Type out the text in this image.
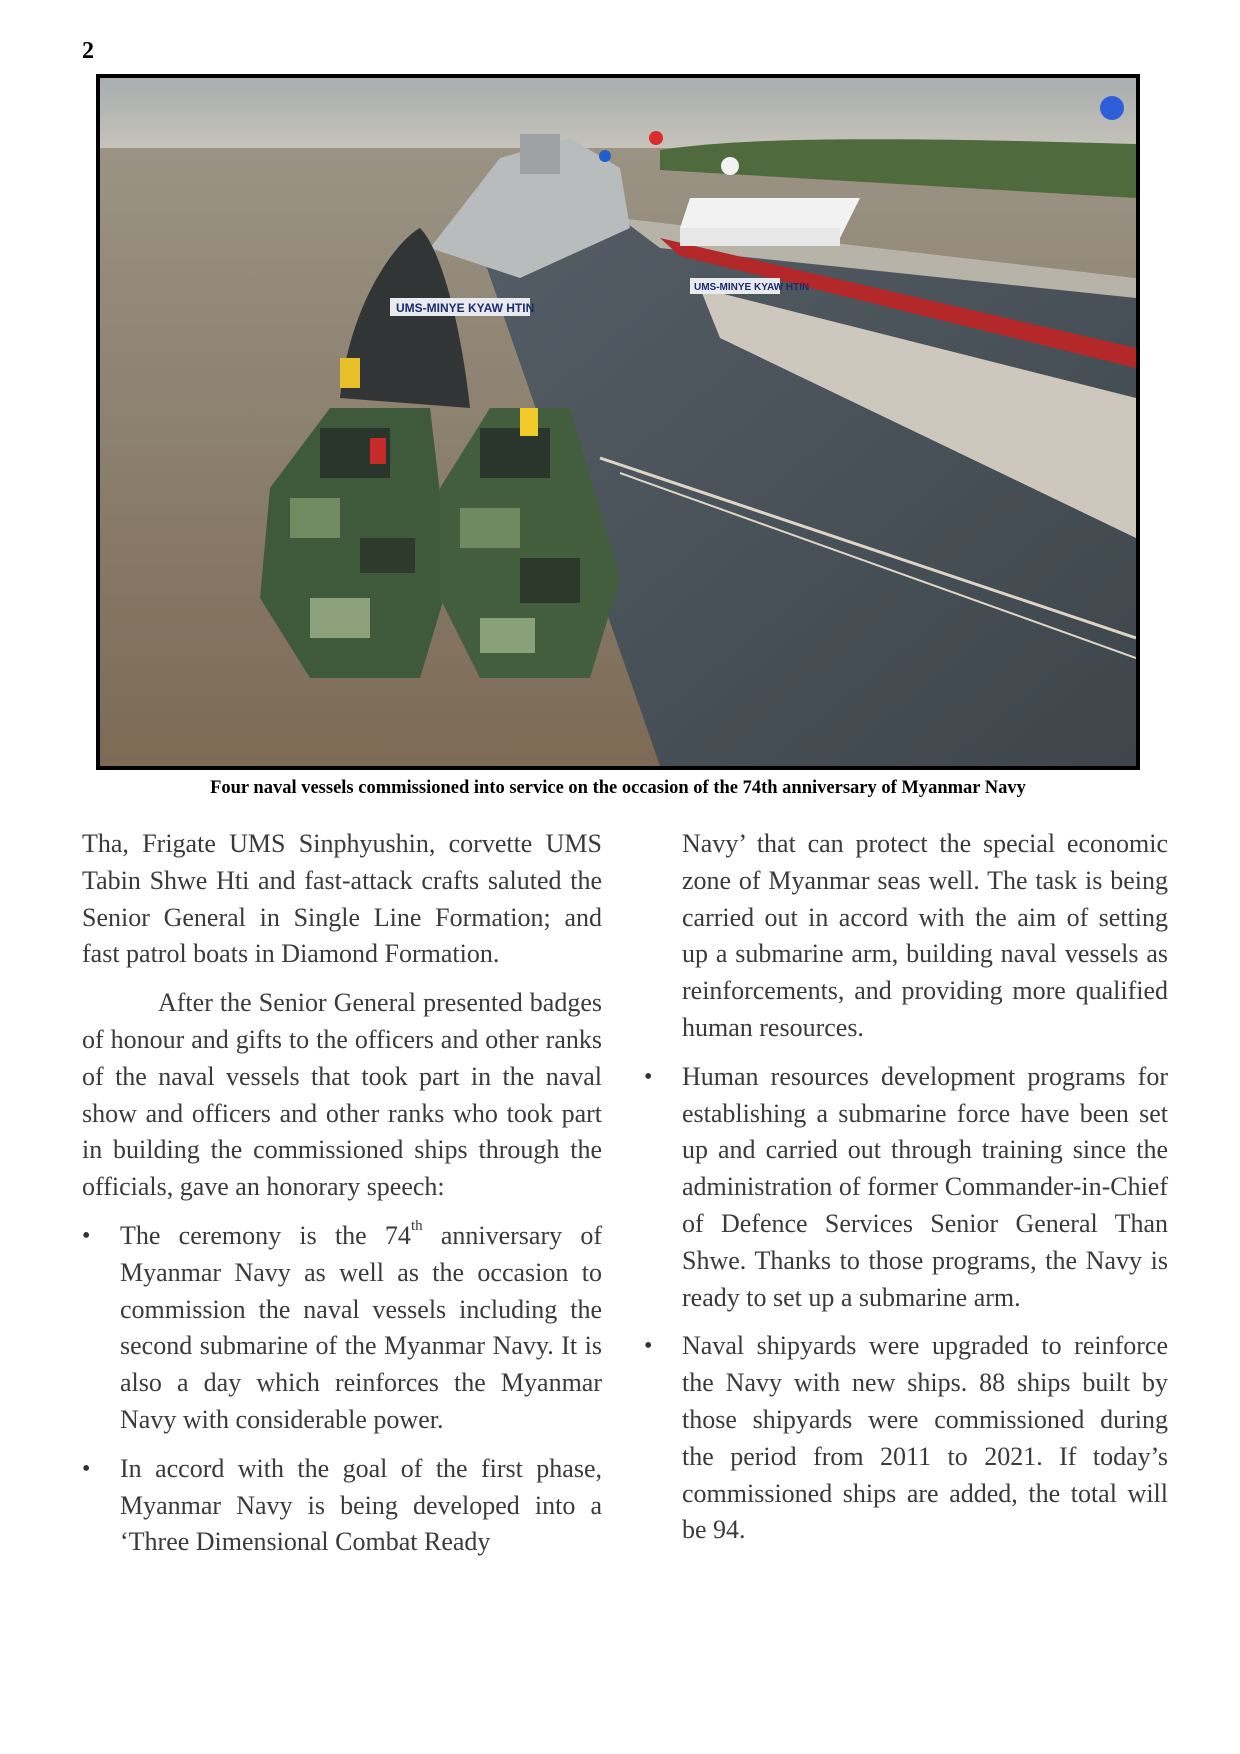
2
UMS-MINYE KYAW HTIN
UMS-MINYE KYAW HTIN
Four naval vessels commissioned into service on the occasion of the 74th anniversary of Myanmar Navy

Tha, Frigate UMS Sinphyushin, corvette UMS Tabin Shwe Hti and fast-attack crafts saluted the Senior General in Single Line Formation; and fast patrol boats in Diamond Formation.

After the Senior General presented badges of honour and gifts to the officers and other ranks of the naval vessels that took part in the naval show and officers and other ranks who took part in building the commissioned ships through the officials, gave an honorary speech:

• The ceremony is the 74th anniversary of Myanmar Navy as well as the occasion to commission the naval vessels including the second submarine of the Myanmar Navy. It is also a day which reinforces the Myanmar Navy with considerable power.
• In accord with the goal of the first phase, Myanmar Navy is being developed into a ‘Three Dimensional Combat Ready

Navy’ that can protect the special economic zone of Myanmar seas well. The task is being carried out in accord with the aim of setting up a submarine arm, building naval vessels as reinforcements, and providing more qualified human resources.

• Human resources development programs for establishing a submarine force have been set up and carried out through training since the administration of former Commander-in-Chief of Defence Services Senior General Than Shwe. Thanks to those programs, the Navy is ready to set up a submarine arm.
• Naval shipyards were upgraded to reinforce the Navy with new ships. 88 ships built by those shipyards were commissioned during the period from 2011 to 2021. If today’s commissioned ships are added, the total will be 94.
